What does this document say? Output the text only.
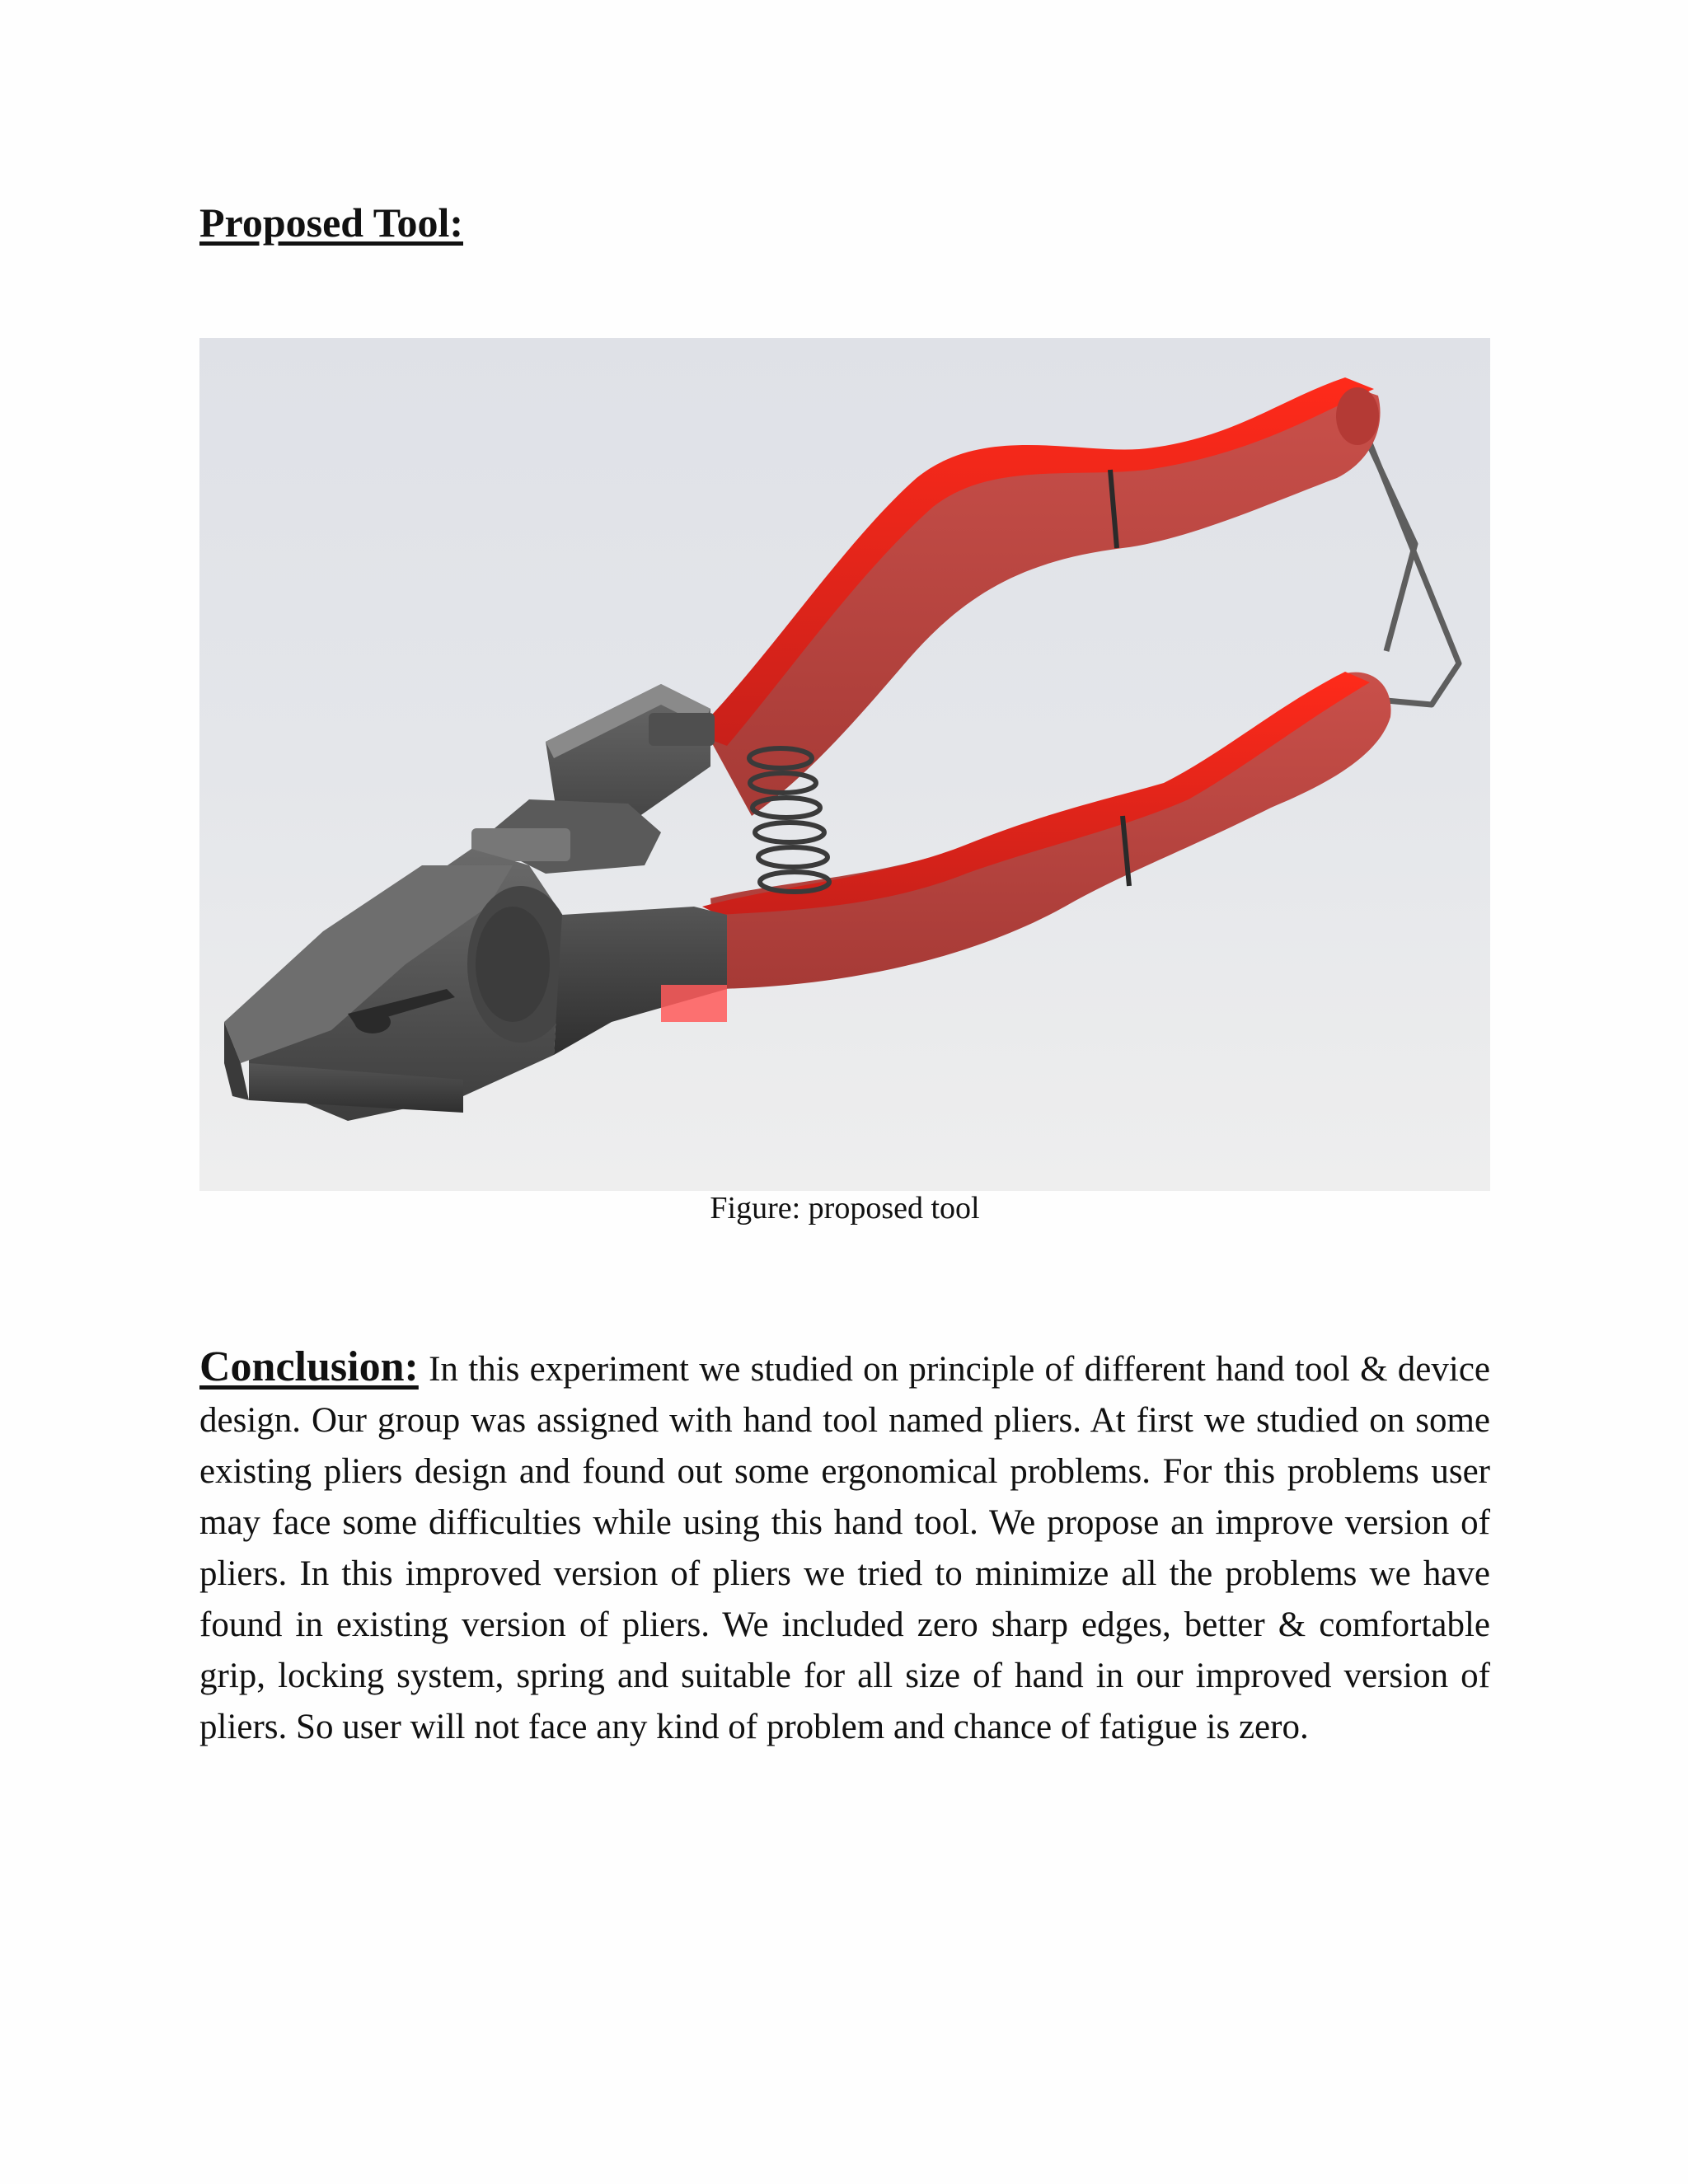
Proposed Tool:
Figure: proposed tool

Conclusion: In this experiment we studied on principle of different hand tool & device design. Our group was assigned with hand tool named pliers. At first we studied on some existing pliers design and found out some ergonomical problems. For this problems user may face some difficulties while using this hand tool. We propose an improve version of pliers. In this improved version of pliers we tried to minimize all the problems we have found in existing version of pliers. We included zero sharp edges, better & comfortable grip, locking system, spring and suitable for all size of hand in our improved version of pliers. So user will not face any kind of problem and chance of fatigue is zero.
